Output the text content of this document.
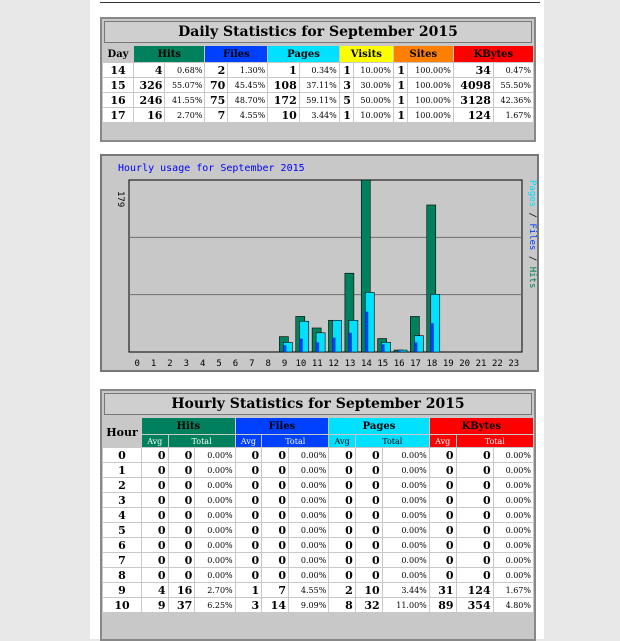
Daily Statistics for September 2015
Day	Hits		Files		Pages		Visits		Sites		KBytes	
14	4	0.68%	2	1.30%	1	0.34%	1	10.00%	1	100.00%	34	0.47%
15	326	55.07%	70	45.45%	108	37.11%	3	30.00%	1	100.00%	4098	55.50%
16	246	41.55%	75	48.70%	172	59.11%	5	50.00%	1	100.00%	3128	42.36%
17	16	2.70%	7	4.55%	10	3.44%	1	10.00%	1	100.00%	124	1.67%
Hourly usage for September 2015
179	Pages / Files / Hits
0 1 2 3 4 5 6 7 8 9 10 11 12 13 14 15 16 17 18 19 20 21 22 23
Hourly Statistics for September 2015
Hour	Hits			Files			Pages			KBytes		
	Avg	Total		Avg	Total		Avg	Total		Avg	Total	
0	0	0	0.00%	0	0	0.00%	0	0	0.00%	0	0	0.00%
1	0	0	0.00%	0	0	0.00%	0	0	0.00%	0	0	0.00%
2	0	0	0.00%	0	0	0.00%	0	0	0.00%	0	0	0.00%
3	0	0	0.00%	0	0	0.00%	0	0	0.00%	0	0	0.00%
4	0	0	0.00%	0	0	0.00%	0	0	0.00%	0	0	0.00%
5	0	0	0.00%	0	0	0.00%	0	0	0.00%	0	0	0.00%
6	0	0	0.00%	0	0	0.00%	0	0	0.00%	0	0	0.00%
7	0	0	0.00%	0	0	0.00%	0	0	0.00%	0	0	0.00%
8	0	0	0.00%	0	0	0.00%	0	0	0.00%	0	0	0.00%
9	4	16	2.70%	1	7	4.55%	2	10	3.44%	31	124	1.67%
10	9	37	6.25%	3	14	9.09%	8	32	11.00%	89	354	4.80%
